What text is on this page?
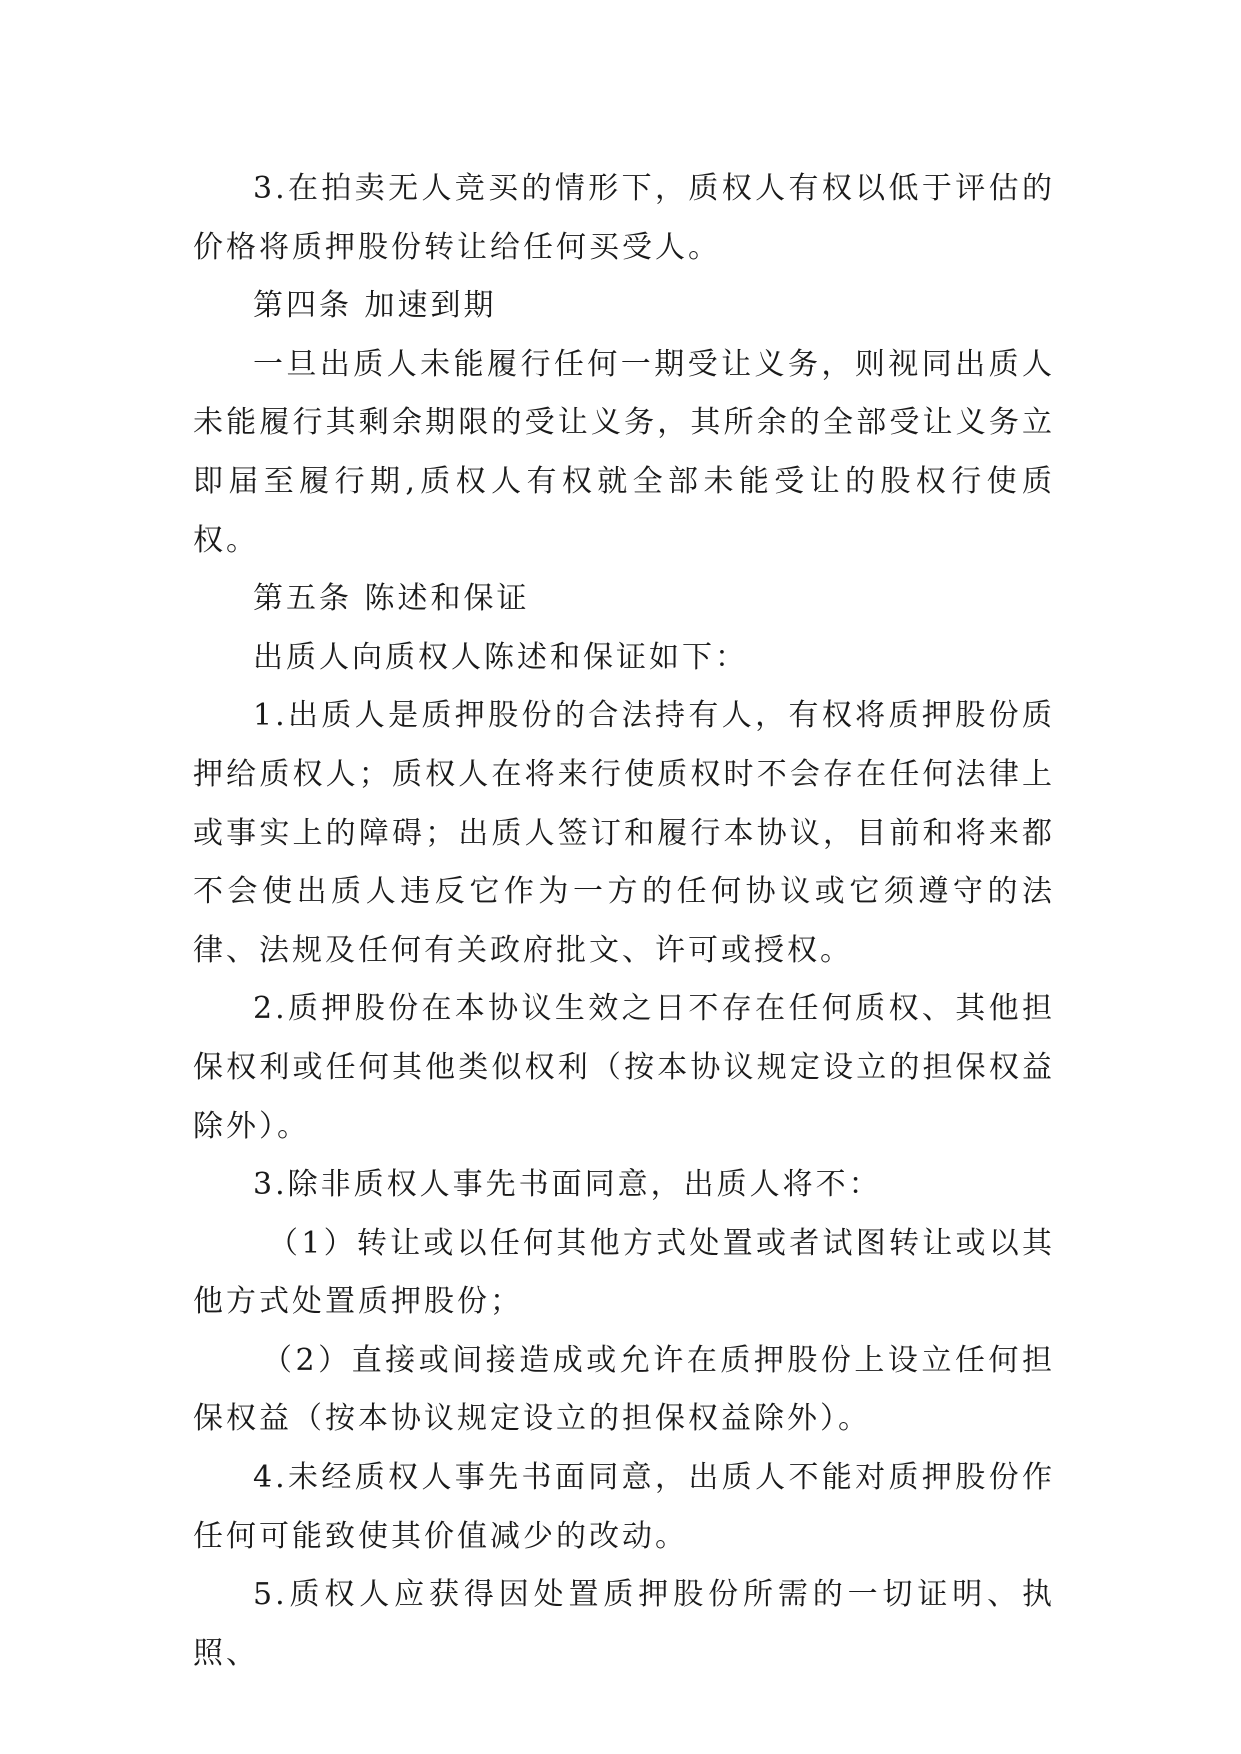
3.在拍卖无人竞买的情形下，质权人有权以低于评估的价格将质押股份转让给任何买受人。

第四条 加速到期

一旦出质人未能履行任何一期受让义务，则视同出质人未能履行其剩余期限的受让义务，其所余的全部受让义务立即届至履行期,质权人有权就全部未能受让的股权行使质权。

第五条 陈述和保证

出质人向质权人陈述和保证如下：

1.出质人是质押股份的合法持有人，有权将质押股份质押给质权人；质权人在将来行使质权时不会存在任何法律上或事实上的障碍；出质人签订和履行本协议，目前和将来都不会使出质人违反它作为一方的任何协议或它须遵守的法律、法规及任何有关政府批文、许可或授权。

2.质押股份在本协议生效之日不存在任何质权、其他担保权利或任何其他类似权利（按本协议规定设立的担保权益除外）。

3.除非质权人事先书面同意，出质人将不：

（1）转让或以任何其他方式处置或者试图转让或以其他方式处置质押股份；

（2）直接或间接造成或允许在质押股份上设立任何担保权益（按本协议规定设立的担保权益除外）。

4.未经质权人事先书面同意，出质人不能对质押股份作任何可能致使其价值减少的改动。

5.质权人应获得因处置质押股份所需的一切证明、执照、
